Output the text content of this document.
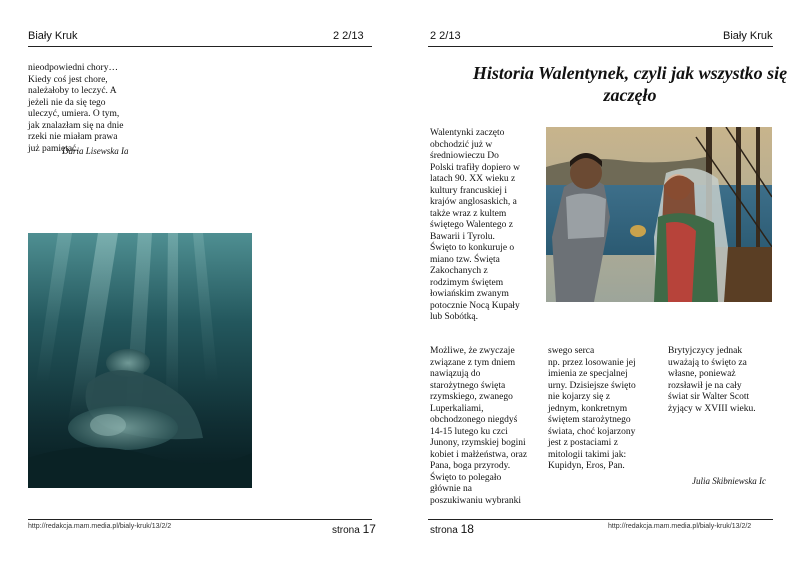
Biały Kruk	2 2/13

nieodpowiedni chory…
Kiedy coś jest chore,
należałoby to leczyć. A
jeżeli nie da się tego
uleczyć, umiera. O tym,
jak znalazłam się na dnie
rzeki nie miałam prawa
już pamiętać.

Daria Lisewska Ia
http://redakcja.mam.media.pl/bialy-kruk/13/2/2	strona 17
2 2/13	Biały Kruk
Historia Walentynek, czyli jak wszystko się zaczęło

Walentynki zaczęto
obchodzić już w
średniowieczu Do
Polski trafiły dopiero w
latach 90. XX wieku z
kultury francuskiej i
krajów anglosaskich, a
także wraz z kultem
świętego Walentego z
Bawarii i Tyrolu.
Święto to konkuruje o
miano tzw. Święta
Zakochanych z
rodzimym świętem
łowiańskim zwanym
potocznie Nocą Kupały
lub Sobótką.

Możliwe, że zwyczaje
związane z tym dniem
nawiązują do
starożytnego święta
rzymskiego, zwanego
Luperkaliami,
obchodzonego niegdyś
14-15 lutego ku czci
Junony, rzymskiej bogini
kobiet i małżeństwa, oraz
Pana, boga przyrody.
Święto to polegało
głównie na
poszukiwaniu wybranki

swego serca
np. przez losowanie jej
imienia ze specjalnej
urny. Dzisiejsze święto
nie kojarzy się z
jednym, konkretnym
świętem starożytnego
świata, choć kojarzony
jest z postaciami z
mitologii takimi jak:
Kupidyn, Eros, Pan.

Brytyjczycy jednak
uważają to święto za
własne, ponieważ
rozsławił je na cały
świat sir Walter Scott
żyjący w XVIII wieku.

Julia Skibniewska Ic
strona 18	http://redakcja.mam.media.pl/bialy-kruk/13/2/2
